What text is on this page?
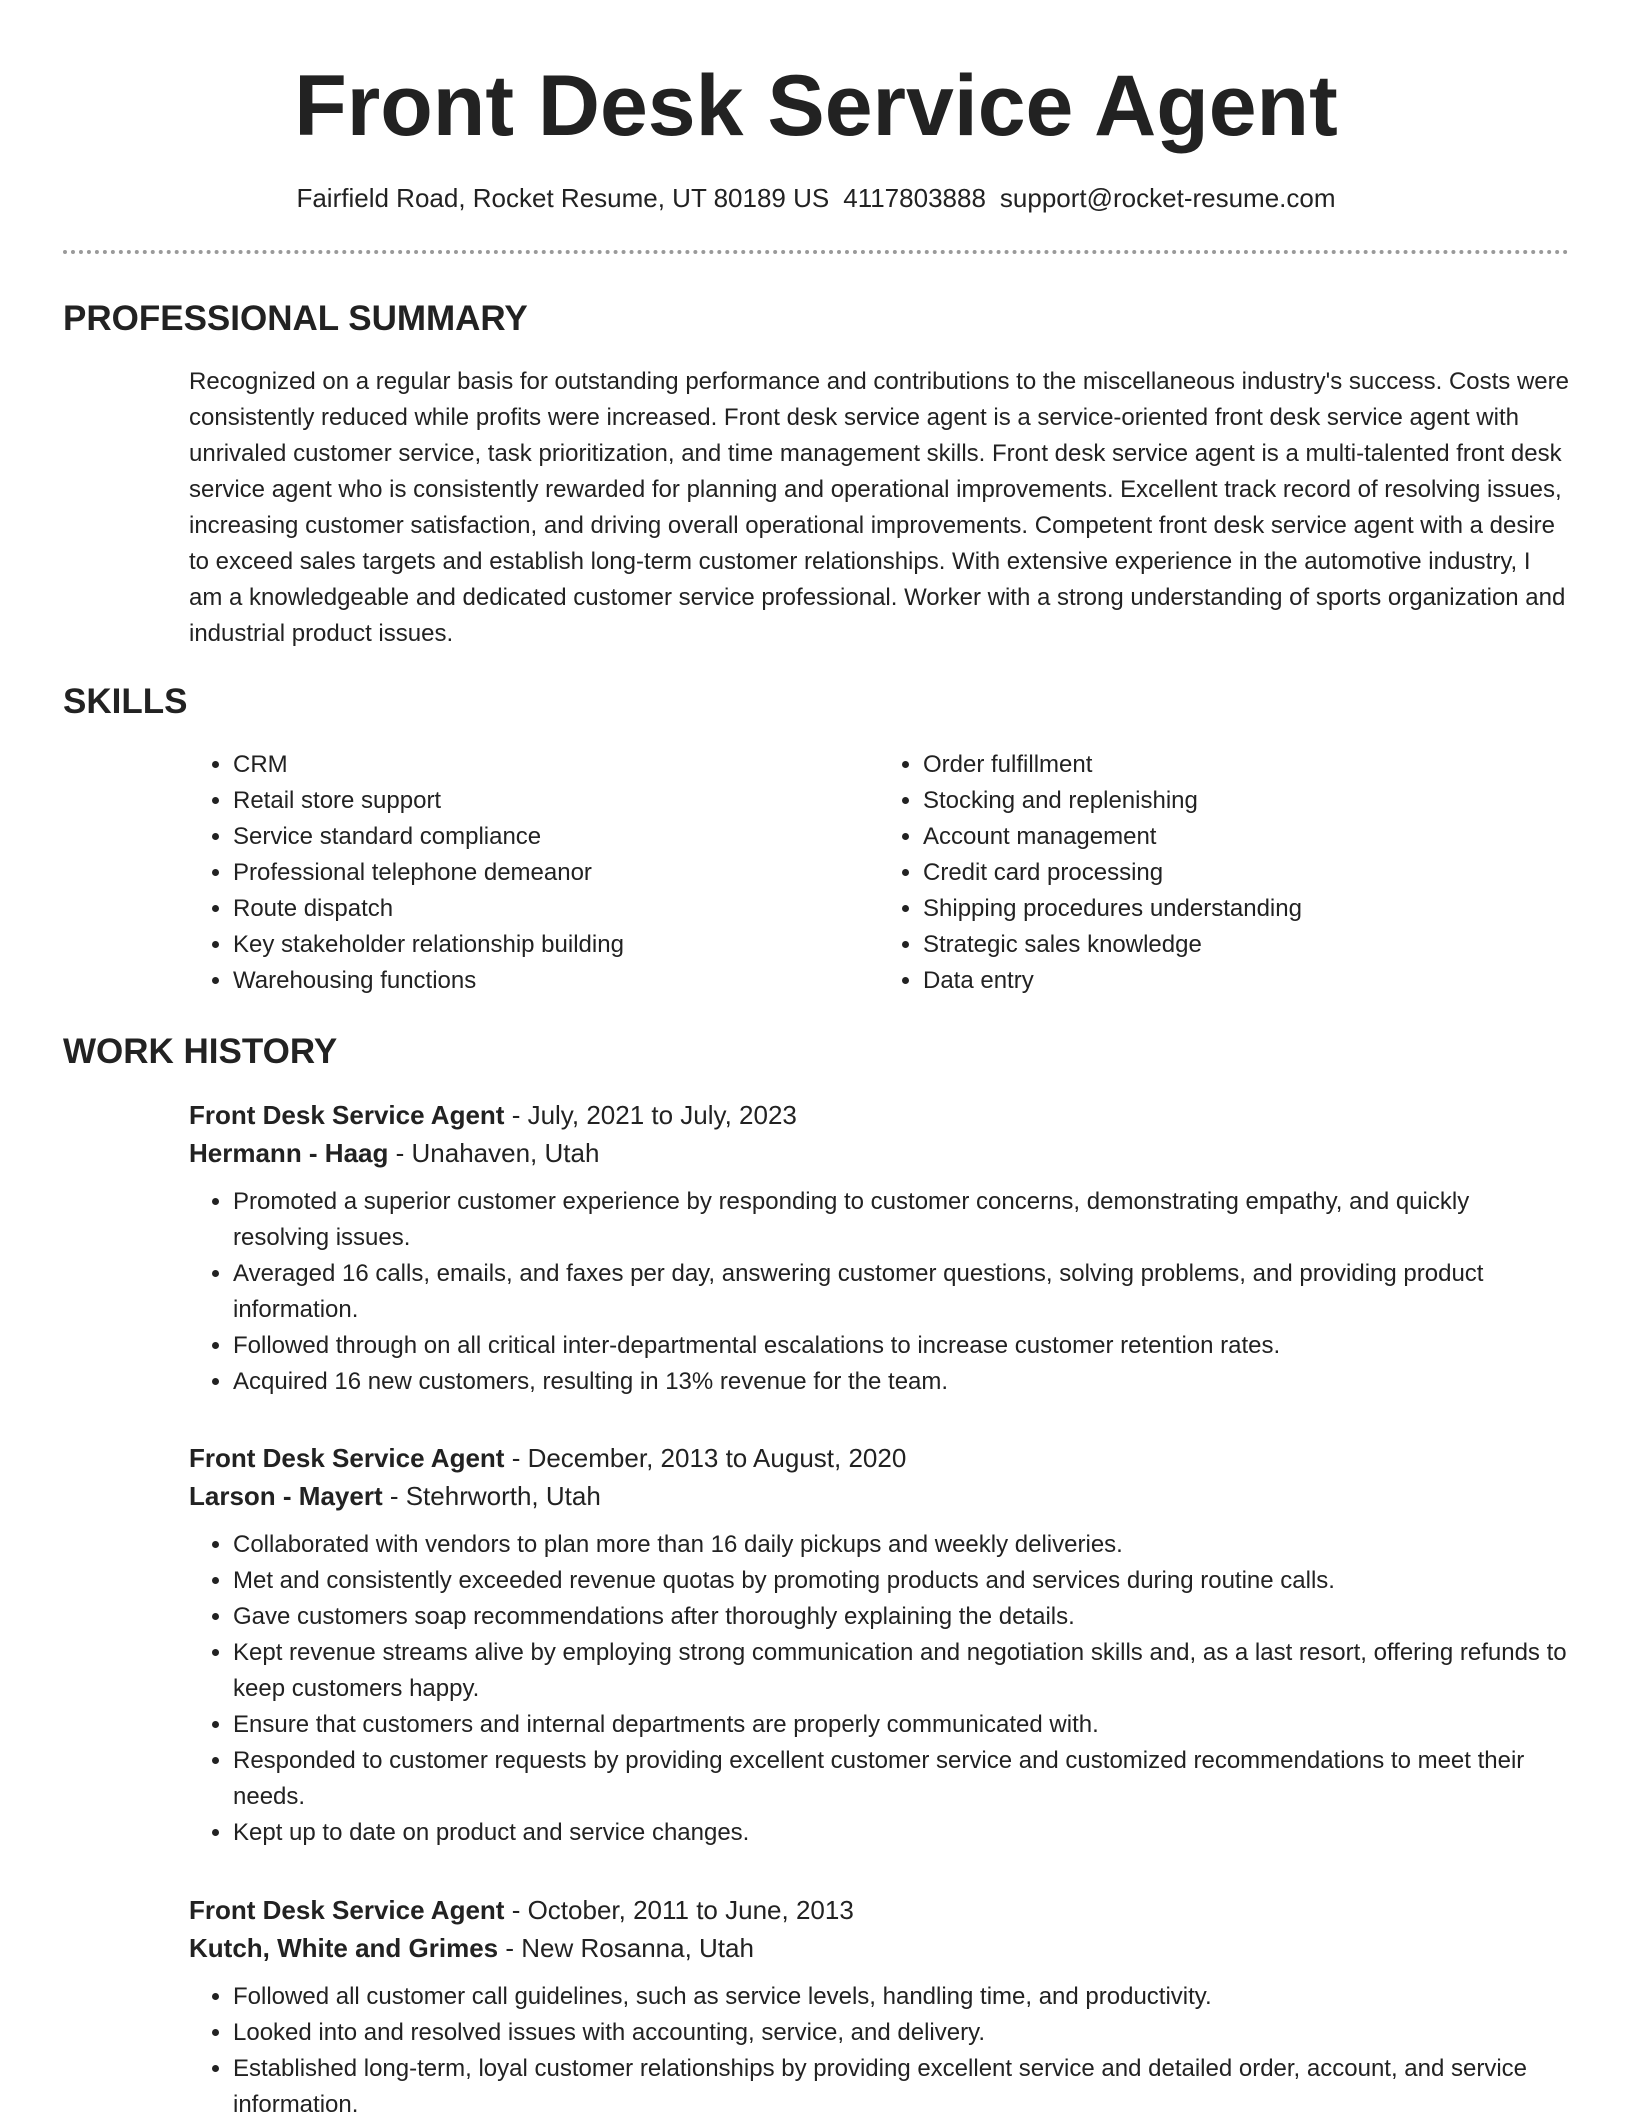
Front Desk Service Agent
Fairfield Road, Rocket Resume, UT 80189 US 4117803888 support@rocket-resume.com
PROFESSIONAL SUMMARY

Recognized on a regular basis for outstanding performance and contributions to the miscellaneous industry's success. Costs were consistently reduced while profits were increased. Front desk service agent is a service-oriented front desk service agent with unrivaled customer service, task prioritization, and time management skills. Front desk service agent is a multi-talented front desk service agent who is consistently rewarded for planning and operational improvements. Excellent track record of resolving issues, increasing customer satisfaction, and driving overall operational improvements. Competent front desk service agent with a desire to exceed sales targets and establish long-term customer relationships. With extensive experience in the automotive industry, I am a knowledgeable and dedicated customer service professional. Worker with a strong understanding of sports organization and industrial product issues.

SKILLS
• CRM
• Retail store support
• Service standard compliance
• Professional telephone demeanor
• Route dispatch
• Key stakeholder relationship building
• Warehousing functions
• Order fulfillment
• Stocking and replenishing
• Account management
• Credit card processing
• Shipping procedures understanding
• Strategic sales knowledge
• Data entry
WORK HISTORY
Front Desk Service Agent - July, 2021 to July, 2023
Hermann - Haag - Unahaven, Utah
• Promoted a superior customer experience by responding to customer concerns, demonstrating empathy, and quickly resolving issues.
• Averaged 16 calls, emails, and faxes per day, answering customer questions, solving problems, and providing product information.
• Followed through on all critical inter-departmental escalations to increase customer retention rates.
• Acquired 16 new customers, resulting in 13% revenue for the team.
Front Desk Service Agent - December, 2013 to August, 2020
Larson - Mayert - Stehrworth, Utah
• Collaborated with vendors to plan more than 16 daily pickups and weekly deliveries.
• Met and consistently exceeded revenue quotas by promoting products and services during routine calls.
• Gave customers soap recommendations after thoroughly explaining the details.
• Kept revenue streams alive by employing strong communication and negotiation skills and, as a last resort, offering refunds to keep customers happy.
• Ensure that customers and internal departments are properly communicated with.
• Responded to customer requests by providing excellent customer service and customized recommendations to meet their needs.
• Kept up to date on product and service changes.
Front Desk Service Agent - October, 2011 to June, 2013
Kutch, White and Grimes - New Rosanna, Utah
• Followed all customer call guidelines, such as service levels, handling time, and productivity.
• Looked into and resolved issues with accounting, service, and delivery.
• Established long-term, loyal customer relationships by providing excellent service and detailed order, account, and service information.
